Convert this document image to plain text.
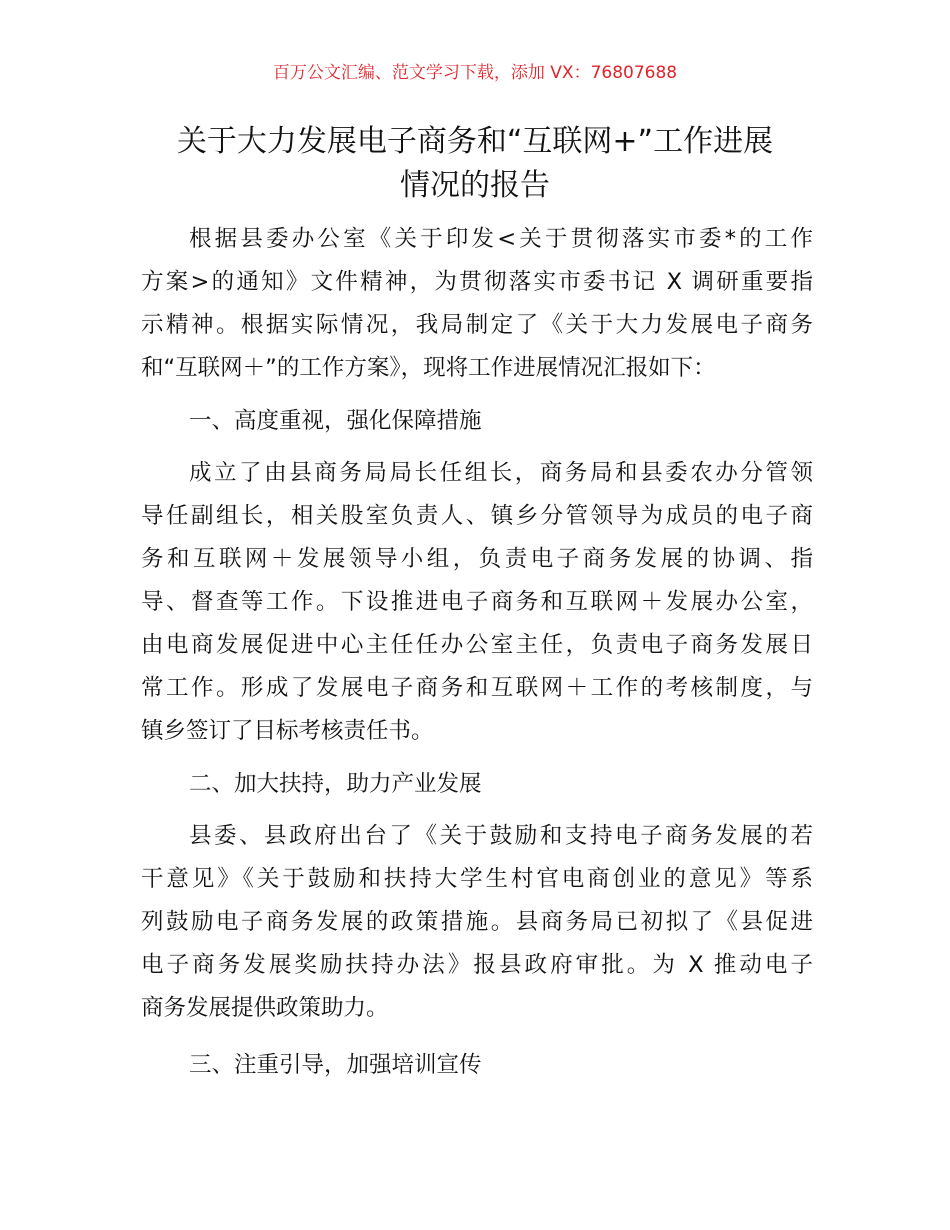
百万公文汇编、范文学习下载，添加 VX：76807688
关于大力发展电子商务和“互联网+”工作进展
情况的报告
根据县委办公室《关于印发<关于贯彻落实市委*的工作
方案>的通知》文件精神，为贯彻落实市委书记 X 调研重要指
示精神。根据实际情况，我局制定了《关于大力发展电子商务
和“互联网＋”的工作方案》，现将工作进展情况汇报如下：
一、高度重视，强化保障措施
成立了由县商务局局长任组长，商务局和县委农办分管领
导任副组长，相关股室负责人、镇乡分管领导为成员的电子商
务和互联网＋发展领导小组，负责电子商务发展的协调、指
导、督查等工作。下设推进电子商务和互联网＋发展办公室，
由电商发展促进中心主任任办公室主任，负责电子商务发展日
常工作。形成了发展电子商务和互联网＋工作的考核制度，与
镇乡签订了目标考核责任书。
二、加大扶持，助力产业发展
县委、县政府出台了《关于鼓励和支持电子商务发展的若
干意见》《关于鼓励和扶持大学生村官电商创业的意见》等系
列鼓励电子商务发展的政策措施。县商务局已初拟了《县促进
电子商务发展奖励扶持办法》报县政府审批。为 X 推动电子
商务发展提供政策助力。
三、注重引导，加强培训宣传
